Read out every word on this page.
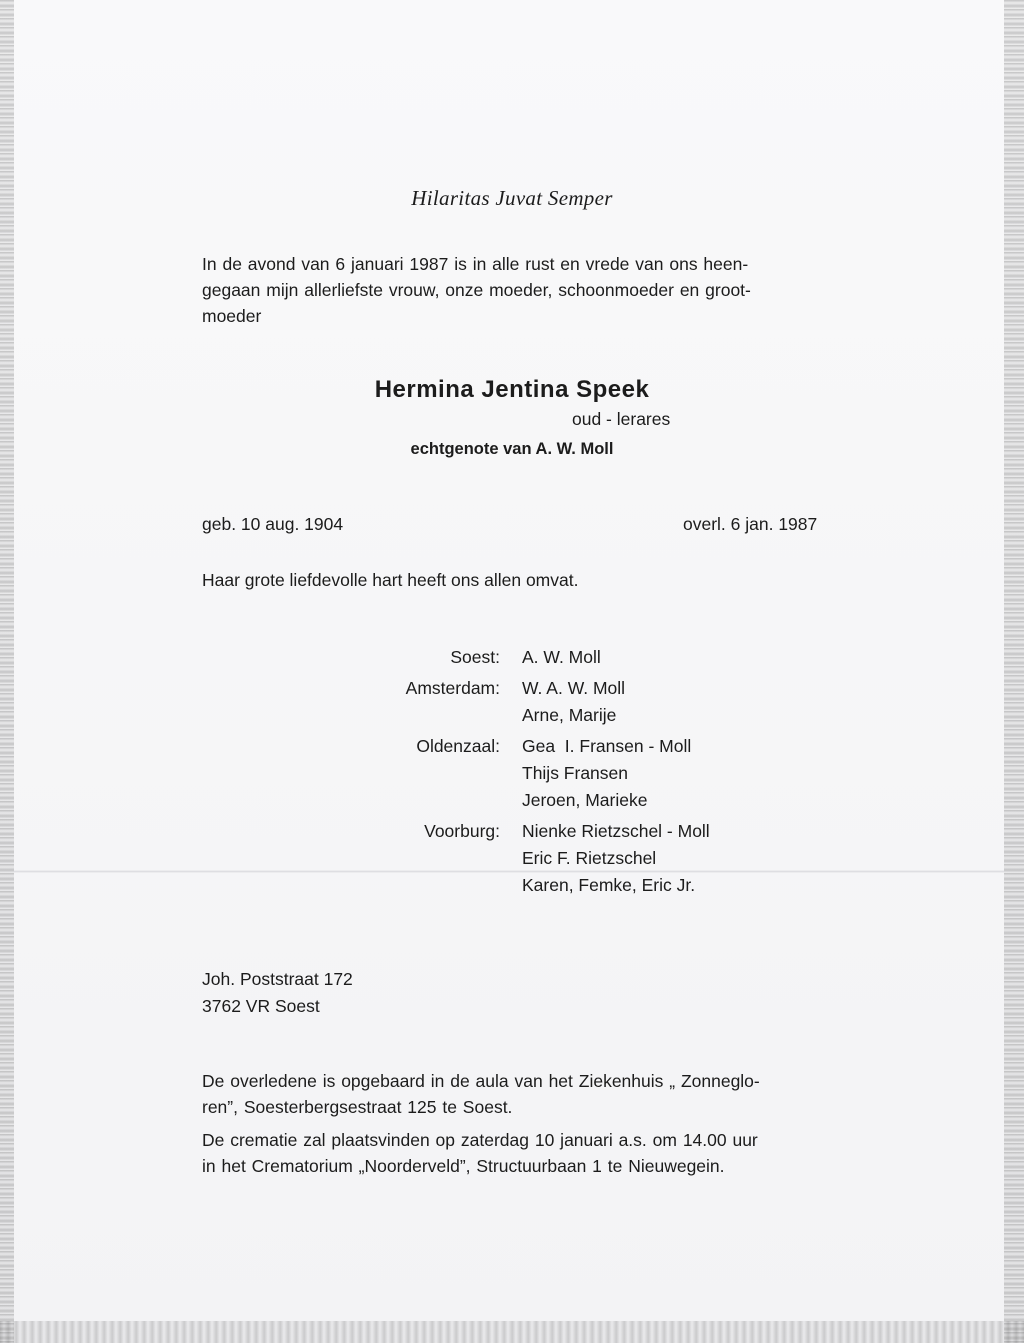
Hilaritas Juvat Semper
In de avond van 6 januari 1987 is in alle rust en vrede van ons heen-
gegaan mijn allerliefste vrouw, onze moeder, schoonmoeder en groot-
moeder
Hermina Jentina Speek
oud - lerares
echtgenote van A. W. Moll
geb. 10 aug. 1904	overl. 6 jan. 1987
Haar grote liefdevolle hart heeft ons allen omvat.
Soest:	A. W. Moll
Amsterdam:	W. A. W. Moll
Arne, Marije
Oldenzaal:	Gea  I. Fransen - Moll
Thijs Fransen
Jeroen, Marieke
Voorburg:	Nienke Rietzschel - Moll
Eric F. Rietzschel
Karen, Femke, Eric Jr.
Joh. Poststraat 172
3762 VR Soest
De overledene is opgebaard in de aula van het Ziekenhuis „ Zonneglo-
ren”, Soesterbergsestraat 125 te Soest.
De crematie zal plaatsvinden op zaterdag 10 januari a.s. om 14.00 uur
in het Crematorium „Noorderveld”, Structuurbaan 1 te Nieuwegein.
